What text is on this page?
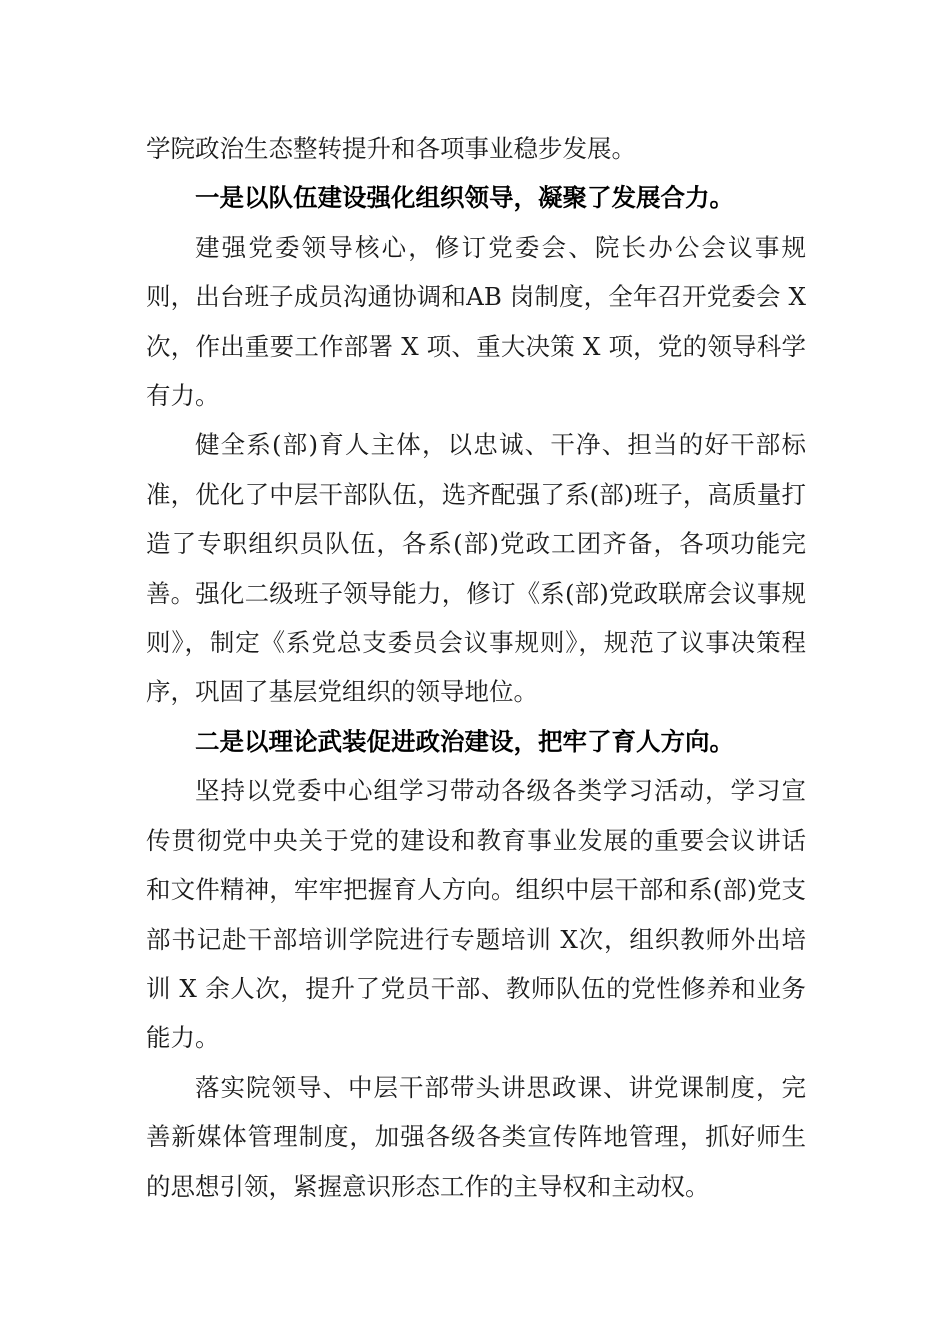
学院政治生态整转提升和各项事业稳步发展。

一是以队伍建设强化组织领导，凝聚了发展合力。

建强党委领导核心，修订党委会、院长办公会议事规则，出台班子成员沟通协调和AB 岗制度，全年召开党委会 X 次，作出重要工作部署 X 项、重大决策 X 项，党的领导科学有力。

健全系(部)育人主体，以忠诚、干净、担当的好干部标准，优化了中层干部队伍，选齐配强了系(部)班子，高质量打造了专职组织员队伍，各系(部)党政工团齐备，各项功能完善。强化二级班子领导能力，修订《系(部)党政联席会议事规则》，制定《系党总支委员会议事规则》，规范了议事决策程序，巩固了基层党组织的领导地位。

二是以理论武装促进政治建设，把牢了育人方向。

坚持以党委中心组学习带动各级各类学习活动，学习宣传贯彻党中央关于党的建设和教育事业发展的重要会议讲话和文件精神，牢牢把握育人方向。组织中层干部和系(部)党支部书记赴干部培训学院进行专题培训 X次，组织教师外出培训 X 余人次，提升了党员干部、教师队伍的党性修养和业务能力。

落实院领导、中层干部带头讲思政课、讲党课制度，完善新媒体管理制度，加强各级各类宣传阵地管理，抓好师生的思想引领，紧握意识形态工作的主导权和主动权。
